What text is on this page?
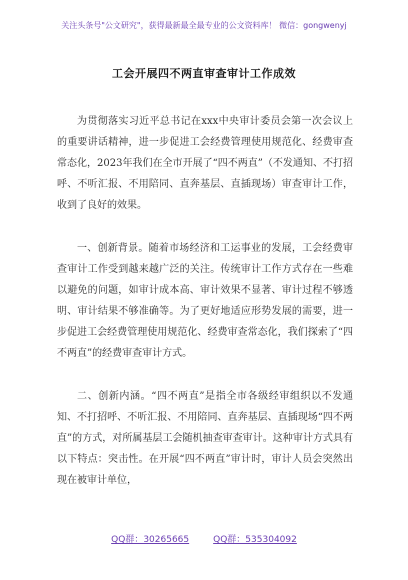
关注头条号"公文研究"，获得最新最全最专业的公文资料库！ 微信：gongwenyj
工会开展四不两直审查审计工作成效

为贯彻落实习近平总书记在xxx中央审计委员会第一次会议上的重要讲话精神，进一步促进工会经费管理使用规范化、经费审查常态化，2023年我们在全市开展了“四不两直”（不发通知、不打招呼、不听汇报、不用陪同、直奔基层、直插现场）审查审计工作，收到了良好的效果。

一、创新背景。随着市场经济和工运事业的发展，工会经费审查审计工作受到越来越广泛的关注。传统审计工作方式存在一些难以避免的问题，如审计成本高、审计效果不显著、审计过程不够透明、审计结果不够准确等。为了更好地适应形势发展的需要，进一步促进工会经费管理使用规范化、经费审查常态化，我们探索了“四不两直”的经费审查审计方式。

二、创新内涵。“四不两直”是指全市各级经审组织以不发通知、不打招呼、不听汇报、不用陪同、直奔基层、直插现场“四不两直”的方式，对所属基层工会随机抽查审查审计。这种审计方式具有以下特点：突击性。在开展“四不两直”审计时，审计人员会突然出现在被审计单位，

QQ群：30265665	QQ群：535304092
